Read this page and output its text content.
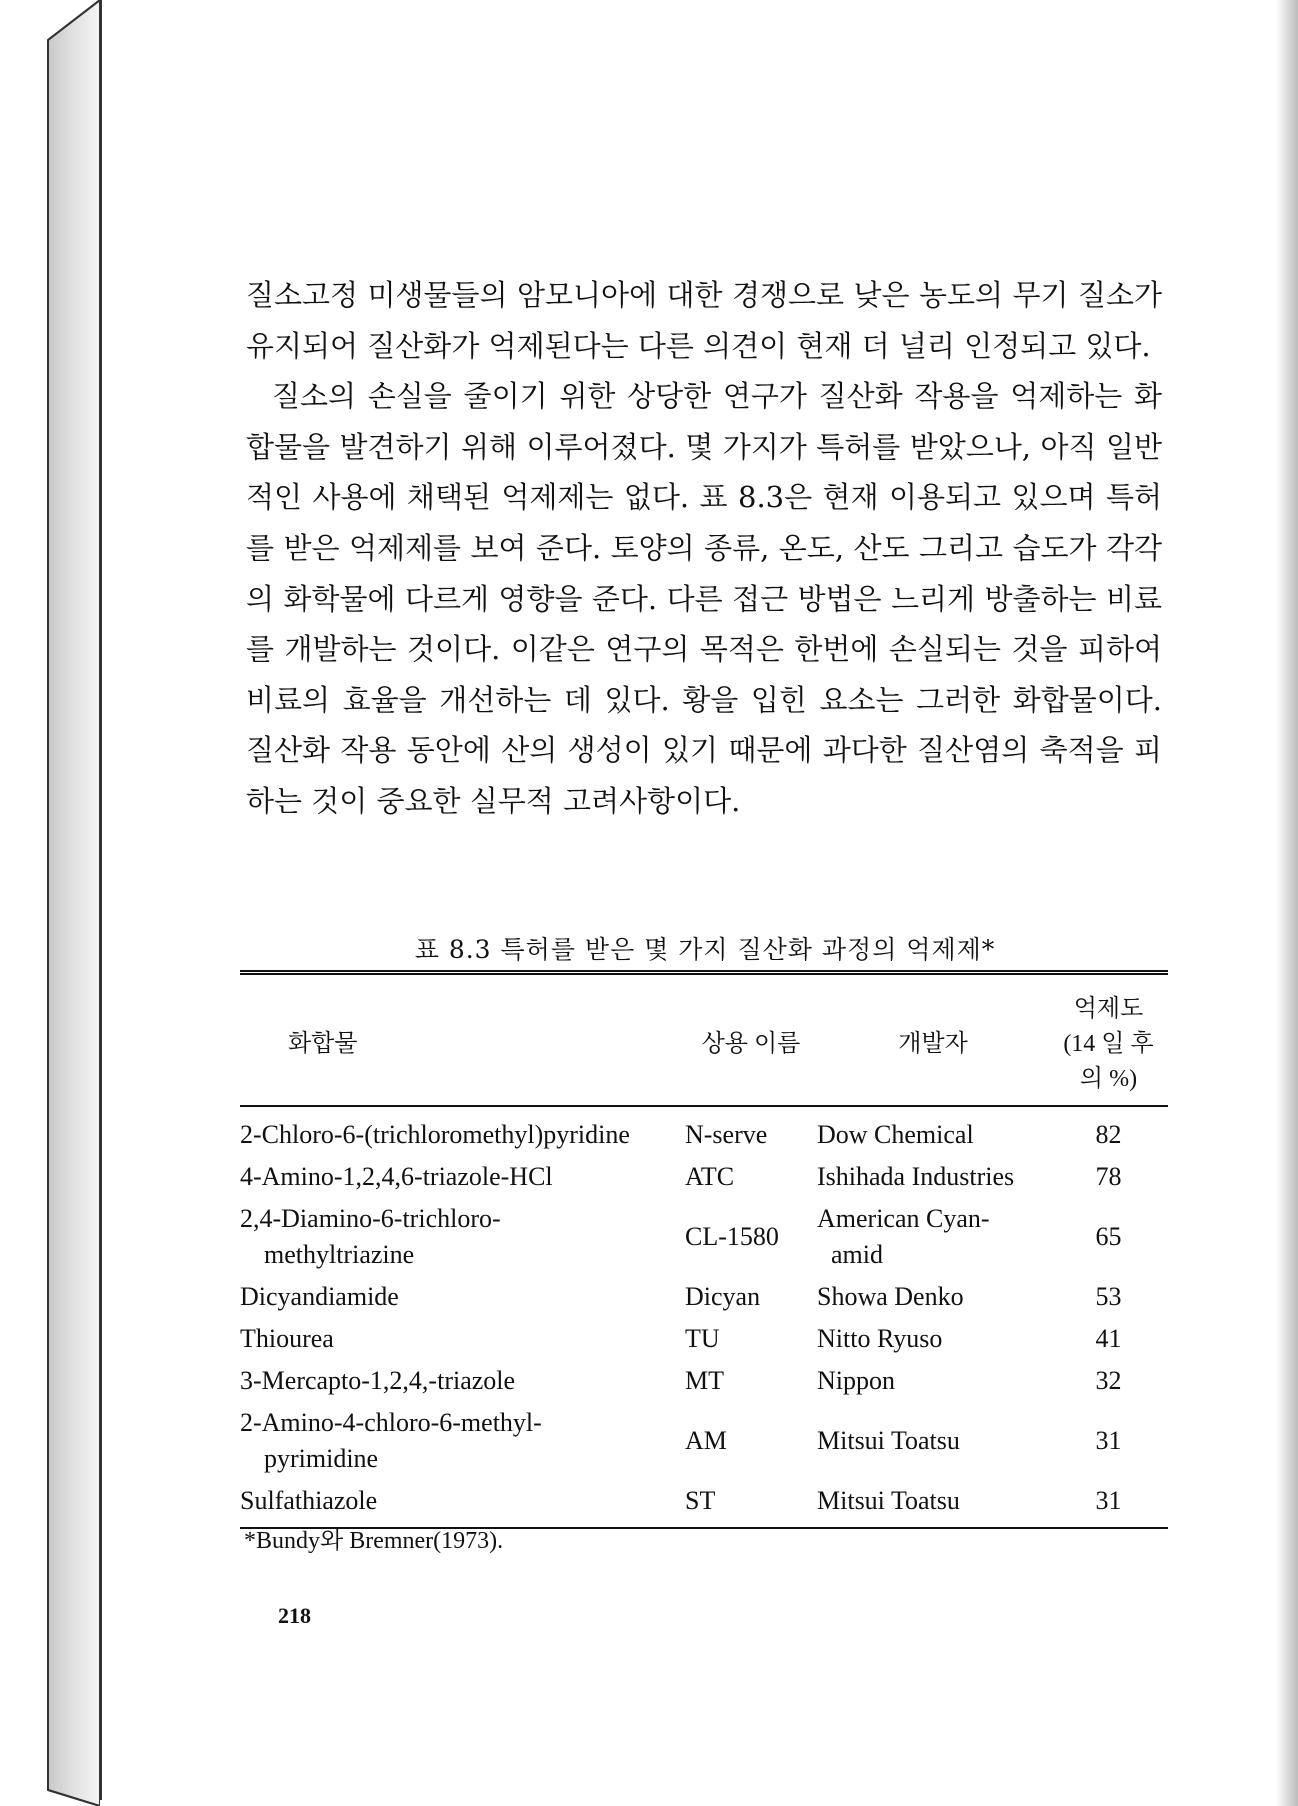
질소고정 미생물들의 암모니아에 대한 경쟁으로 낮은 농도의 무기 질소가 유지되어 질산화가 억제된다는 다른 의견이 현재 더 널리 인정되고 있다.

질소의 손실을 줄이기 위한 상당한 연구가 질산화 작용을 억제하는 화합물을 발견하기 위해 이루어졌다. 몇 가지가 특허를 받았으나, 아직 일반적인 사용에 채택된 억제제는 없다. 표 8.3은 현재 이용되고 있으며 특허를 받은 억제제를 보여 준다. 토양의 종류, 온도, 산도 그리고 습도가 각각의 화학물에 다르게 영향을 준다. 다른 접근 방법은 느리게 방출하는 비료를 개발하는 것이다. 이같은 연구의 목적은 한번에 손실되는 것을 피하여 비료의 효율을 개선하는 데 있다. 황을 입힌 요소는 그러한 화합물이다. 질산화 작용 동안에 산의 생성이 있기 때문에 과다한 질산염의 축적을 피하는 것이 중요한 실무적 고려사항이다.

표 8.3 특허를 받은 몇 가지 질산화 과정의 억제제*
화합물	상용 이름	개발자	억제도
(14 일 후
의 %)

2-Chloro-6-(trichloromethyl)pyridine	N-serve	Dow Chemical	82
4-Amino-1,2,4,6-triazole-HCl	ATC	Ishihada Industries	78

2,4-Diamino-6-trichloro-
methyltriazine	CL-1580	American Cyan-
amid	65
Dicyandiamide	Dicyan	Showa Denko	53
Thiourea	TU	Nitto Ryuso	41
3-Mercapto-1,2,4,-triazole	MT	Nippon	32

2-Amino-4-chloro-6-methyl-
pyrimidine	AM	Mitsui Toatsu	31
Sulfathiazole	ST	Mitsui Toatsu	31
*Bundy와 Bremner(1973).
218
